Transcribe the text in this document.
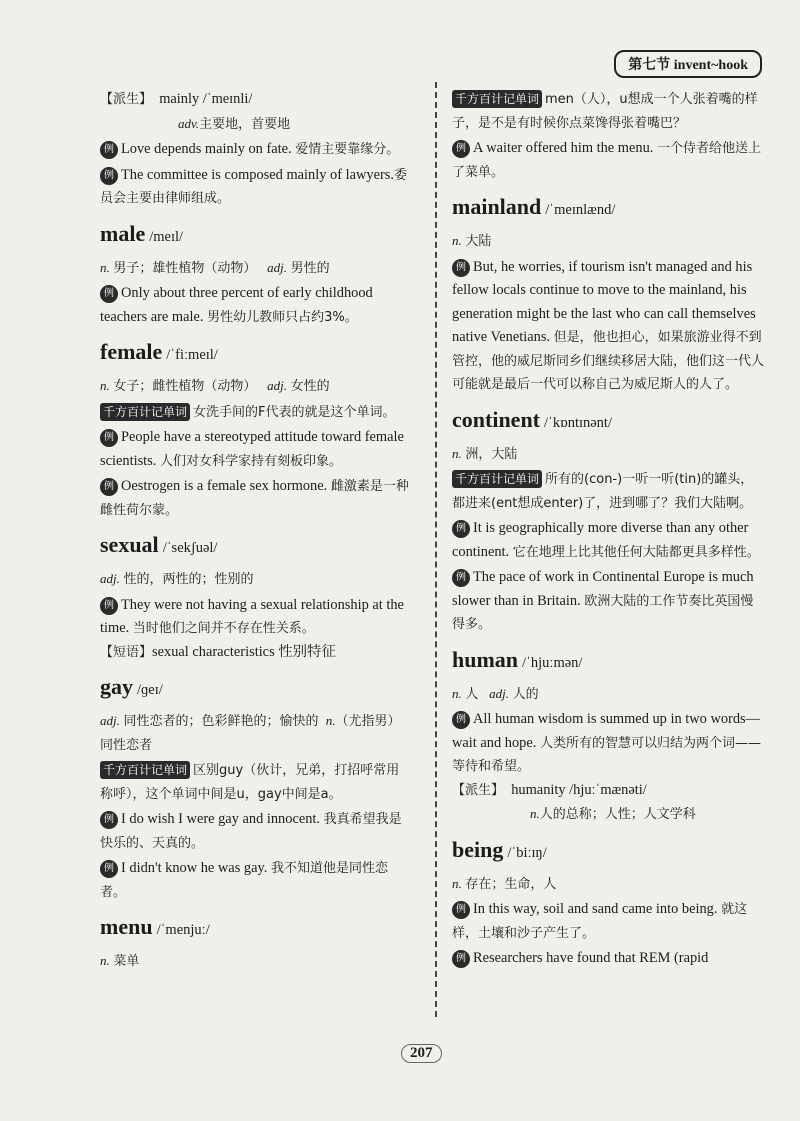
第七节 invent~hook

【派生】 mainly /ˈmeɪnli/

adv.主要地，首要地

例 Love depends mainly on fate. 爱情主要靠缘分。

例 The committee is composed mainly of lawyers.委员会主要由律师组成。

male /meɪl/

n. 男子；雄性植物（动物） adj. 男性的

例 Only about three percent of early childhood teachers are male. 男性幼儿教师只占约3%。

female /ˈfiːmeɪl/

n. 女子；雌性植物（动物） adj. 女性的

千方百计记单词 女洗手间的F代表的就是这个单词。

例 People have a stereotyped attitude toward female scientists. 人们对女科学家持有刻板印象。

例 Oestrogen is a female sex hormone. 雌激素是一种雌性荷尔蒙。

sexual /ˈsekʃuəl/

adj. 性的，两性的；性别的

例 They were not having a sexual relationship at the time. 当时他们之间并不存在性关系。

【短语】sexual characteristics 性别特征

gay /ɡeɪ/

adj. 同性恋者的；色彩鲜艳的；愉快的 n.（尤指男）同性恋者

千方百计记单词 区别guy（伙计，兄弟，打招呼常用称呼），这个单词中间是u，gay中间是a。

例 I do wish I were gay and innocent. 我真希望我是快乐的、天真的。

例 I didn't know he was gay. 我不知道他是同性恋者。

menu /ˈmenjuː/

n. 菜单

千方百计记单词 men（人），u想成一个人张着嘴的样子，是不是有时候你点菜馋得张着嘴巴？

例 A waiter offered him the menu. 一个侍者给他送上了菜单。

mainland /ˈmeɪnlænd/

n. 大陆

例 But, he worries, if tourism isn't managed and his fellow locals continue to move to the mainland, his generation might be the last who can call themselves native Venetians. 但是，他也担心，如果旅游业得不到管控，他的威尼斯同乡们继续移居大陆，他们这一代人可能就是最后一代可以称自己为威尼斯人的人了。

continent /ˈkɒntɪnənt/

n. 洲，大陆

千方百计记单词 所有的(con-)一听一听(tin)的罐头，都进来(ent想成enter)了，进到哪了？我们大陆啊。

例 It is geographically more diverse than any other continent. 它在地理上比其他任何大陆都更具多样性。

例 The pace of work in Continental Europe is much slower than in Britain. 欧洲大陆的工作节奏比英国慢得多。

human /ˈhjuːmən/

n. 人 adj. 人的

例 All human wisdom is summed up in two words—wait and hope. 人类所有的智慧可以归结为两个词——等待和希望。

【派生】 humanity /hjuːˈmænəti/

n.人的总称；人性；人文学科

being /ˈbiːɪŋ/

n. 存在；生命，人

例 In this way, soil and sand came into being. 就这样，土壤和沙子产生了。

例 Researchers have found that REM (rapid

207
